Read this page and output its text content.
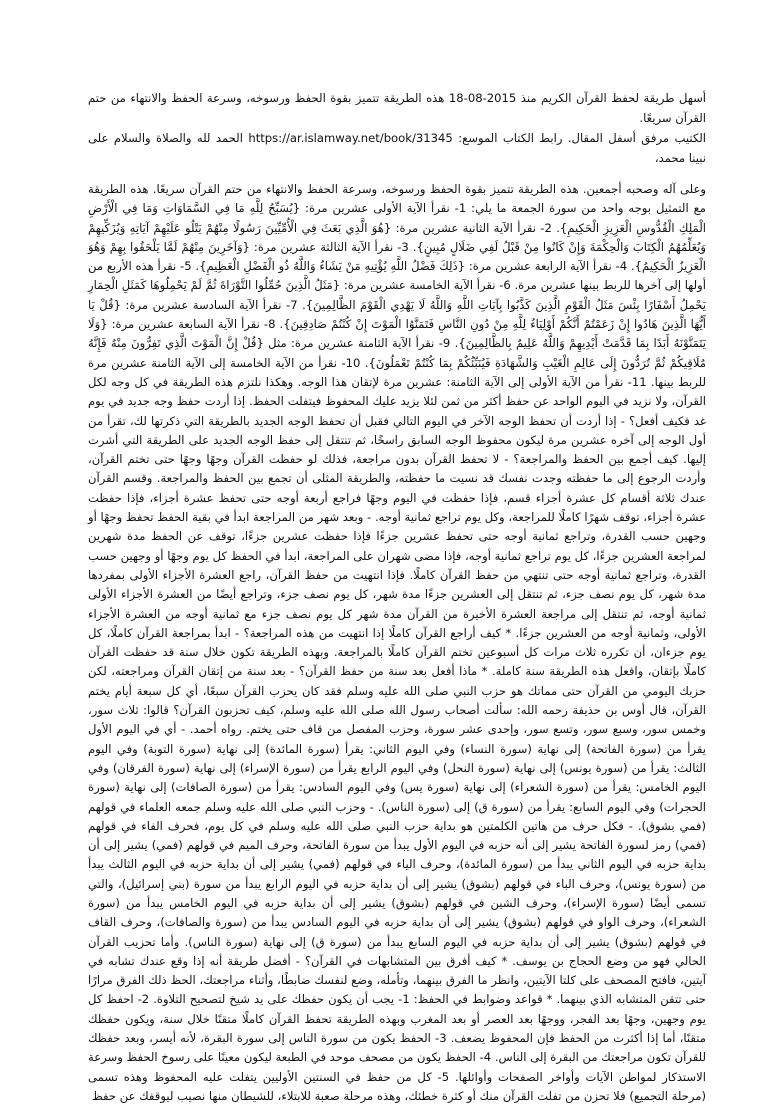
أسهل طريقة لحفظ القرآن الكريم منذ 2015-08-18 هذه الطريقة تتميز بقوة الحفظ ورسوخه، وسرعة الحفظ والانتهاء من حتم القرآن سريعًا.
الكتيب مرفق أسفل المقال. رابط الكتاب الموسع: https://ar.islamway.net/book/31345 الحمد لله والصلاة والسلام على نبينا محمد،

وعلى آله وصحبه أجمعين. هذه الطريقة تتميز بقوة الحفظ ورسوخه، وسرعة الحفظ والانتهاء من حتم القرآن سريعًا. هذه الطريقة مع التمثيل بوجه واحد من سورة الجمعة ما يلي: 1- نقرأ الآية الأولى عشرين مرة: {يُسَبِّحُ لِلَّهِ مَا فِي السَّمَاوَاتِ وَمَا فِي الْأَرْضِ الْمَلِكِ الْقُدُّوسِ الْعَزِيزِ الْحَكِيمِ}. 2- نقرأ الآية الثانية عشرين مرة: {هُوَ الَّذِي بَعَثَ فِي الْأُمِّيِّينَ رَسُولًا مِنْهُمْ يَتْلُو عَلَيْهِمْ آيَاتِهِ وَيُزَكِّيهِمْ وَيُعَلِّمُهُمُ الْكِتَابَ وَالْحِكْمَةَ وَإِنْ كَانُوا مِنْ قَبْلُ لَفِي ضَلَالٍ مُبِينٍ}. 3- نقرأ الآية الثالثة عشرين مرة: {وَآخَرِينَ مِنْهُمْ لَمَّا يَلْحَقُوا بِهِمْ وَهُوَ الْعَزِيزُ الْحَكِيمُ}. 4- نقرأ الآية الرابعة عشرين مرة: {ذَلِكَ فَضْلُ اللَّهِ يُؤْتِيهِ مَنْ يَشَاءُ وَاللَّهُ ذُو الْفَضْلِ الْعَظِيمِ}. 5- نقرأ هذه الأربع من أولها إلى آخرها للربط بينها عشرين مرة. 6- نقرأ الآية الخامسة عشرين مرة: {مَثَلُ الَّذِينَ حُمِّلُوا التَّوْرَاةَ ثُمَّ لَمْ يَحْمِلُوهَا كَمَثَلِ الْحِمَارِ يَحْمِلُ أَسْفَارًا بِئْسَ مَثَلُ الْقَوْمِ الَّذِينَ كَذَّبُوا بِآيَاتِ اللَّهِ وَاللَّهُ لَا يَهْدِي الْقَوْمَ الظَّالِمِينَ}. 7- نقرأ الآية السادسة عشرين مرة: {قُلْ يَا أَيُّهَا الَّذِينَ هَادُوا إِنْ زَعَمْتُمْ أَنَّكُمْ أَوْلِيَاءُ لِلَّهِ مِنْ دُونِ النَّاسِ فَتَمَنَّوُا الْمَوْتَ إِنْ كُنْتُمْ صَادِقِينَ}. 8- نقرأ الآية السابعة عشرين مرة: {وَلَا يَتَمَنَّوْنَهُ أَبَدًا بِمَا قَدَّمَتْ أَيْدِيهِمْ وَاللَّهُ عَلِيمٌ بِالظَّالِمِينَ}. 9- نقرأ الآية الثامنة عشرين مرة: مثل {قُلْ إِنَّ الْمَوْتَ الَّذِي تَفِرُّونَ مِنْهُ فَإِنَّهُ مُلَاقِيكُمْ ثُمَّ تُرَدُّونَ إِلَى عَالِمِ الْغَيْبِ وَالشَّهَادَةِ فَيُنَبِّئُكُمْ بِمَا كُنْتُمْ تَعْمَلُونَ}. 10- نقرأ من الآية الخامسة إلى الآية الثامنة عشرين مرة للربط بينها. 11- نقرأ من الآية الأولى إلى الآية الثامنة: عشرين مرة لإتقان هذا الوجه. وهكذا نلتزم هذه الطريقة في كل وجه لكل القرآن، ولا نزيد في اليوم الواحد عن حفظ أكثر من ثمن لئلا يزيد عليك المحفوظ فيتفلت الحفظ. إذا أردت حفظ وجه جديد في يوم غد فكيف أفعل؟ - إذا أردت أن تحفظ الوجه الآخر في اليوم التالي فقبل أن تحفظ الوجه الجديد بالطريقة التي ذكرتها لك، تقرأ من أول الوجه إلى آخره عشرين مرة ليكون محفوظ الوجه السابق راسخًا، ثم تنتقل إلى حفظ الوجه الجديد على الطريقة التي أشرت إليها. كيف أجمع بين الحفظ والمراجعة؟ - لا تحفظ القرآن بدون مراجعة، فذلك لو حفظت القرآن وجهًا وجهًا حتى تختم القرآن، وأردت الرجوع إلى ما حفظته وجدت نفسك قد نسيت ما حفظته، والطريقة المثلى أن تجمع بين الحفظ والمراجعة. وقسم القرآن عندك ثلاثة أقسام كل عشرة أجزاء قسم، فإذا حفظت في اليوم وجهًا فراجع أربعة أوجه حتى تحفظ عشرة أجزاء، فإذا حفظت عشرة أجزاء، توقف شهرًا كاملًا للمراجعة، وكل يوم تراجع ثمانية أوجه. - وبعد شهر من المراجعة ابدأ في بقية الحفظ تحفظ وجهًا أو وجهين حسب القدرة، وتراجع ثمانية أوجه حتى تحفظ عشرين جزءًا فإذا حفظت عشرين جزءًا، توقف عن الحفظ مدة شهرين لمراجعة العشرين جزءًا، كل يوم تراجع ثمانية أوجه، فإذا مضى شهران على المراجعة، ابدأ في الحفظ كل يوم وجهًا أو وجهين حسب القدرة، وتراجع ثمانية أوجه حتى تنتهي من حفظ القرآن كاملًا. فإذا انتهيت من حفظ القرآن، راجع العشرة الأجزاء الأولى بمفردها مدة شهر، كل يوم نصف جزء، ثم تنتقل إلى العشرين جزءًا مدة شهر، كل يوم نصف جزء، وتراجع أيضًا من العشرة الأجزاء الأولى ثمانية أوجه، ثم تنتقل إلى مراجعة العشرة الأخيرة من القرآن مدة شهر كل يوم نصف جزء مع ثمانية أوجه من العشرة الأجزاء الأولى، وثمانية أوجه من العشرين جزءًا. * كيف أراجع القرآن كاملًا إذا انتهيت من هذه المراجعة؟ - ابدأ بمراجعة القرآن كاملًا، كل يوم جزءان، أن تكرره ثلاث مرات كل أسبوعين تختم القرآن كاملًا بالمراجعة. وبهذه الطريقة تكون خلال سنة قد حفظت القرآن كاملًا بإتقان، وافعل هذه الطريقة سنة كاملة. * ماذا أفعل بعد سنة من حفظ القرآن؟ - بعد سنة من إتقان القرآن ومراجعته، لكن حزبك اليومي من القرآن حتى مماتك هو حزب النبي صلى الله عليه وسلم فقد كان يحزب القرآن سبعًا، أي كل سبعة أيام يختم القرآن، قال أوس بن حذيفة رحمه الله: سألت أصحاب رسول الله صلى الله عليه وسلم، كيف تحزبون القرآن؟ قالوا: ثلاث سور، وخمس سور، وسبع سور، وتسع سور، وإحدى عشر سورة، وحزب المفصل من قاف حتى يختم. رواه أحمد. - أي في اليوم الأول يقرأ من (سورة الفاتحة) إلى نهاية (سورة النساء) وفي اليوم الثاني: يقرأ (سورة المائدة) إلى نهاية (سورة التوبة) وفي اليوم الثالث: يقرأ من (سورة يونس) إلى نهاية (سورة النحل) وفي اليوم الرابع يقرأ من (سورة الإسراء) إلى نهاية (سورة الفرقان) وفي اليوم الخامس: يقرأ من (سورة الشعراء) إلى نهاية (سورة يس) وفي اليوم السادس: يقرأ من (سورة الصافات) إلى نهاية (سورة الحجرات) وفي اليوم السابع: يقرأ من (سورة ق) إلى (سورة الناس). - وحزب النبي صلى الله عليه وسلم جمعه العلماء في قولهم (فمي بشوق). - فكل حرف من هاتين الكلمتين هو بداية حزب النبي صلى الله عليه وسلم في كل يوم، فحرف الفاء في قولهم (فمي) رمز لسورة الفاتحة يشير إلى أنه حزبه في اليوم الأول يبدأ من سورة الفاتحة، وحرف الميم في قولهم (فمي) يشير إلى أن بداية حزبه في اليوم الثاني يبدأ من (سورة المائدة)، وحرف الياء في قولهم (فمي) يشير إلى أن بداية حزبه في اليوم الثالث يبدأ من (سورة يونس)، وحرف الباء في قولهم (بشوق) يشير إلى أن بداية حزبه في اليوم الرابع يبدأ من سورة (بني إسرائيل)، والتي تسمى أيضًا (سورة الإسراء)، وحرف الشين في قولهم (بشوق) يشير إلى أن بداية حزبه في اليوم الخامس يبدأ من (سورة الشعراء)، وحرف الواو في قولهم (بشوق) يشير إلى أن بداية حزبه في اليوم السادس يبدأ من (سورة والصافات)، وحرف القاف في قولهم (بشوق) يشير إلى أن بداية حزبه في اليوم السابع يبدأ من (سورة ق) إلى نهاية (سورة الناس). وأما تحزيب القرآن الحالي فهو من وضع الحجاج بن يوسف. * كيف أفرق بين المتشابهات في القرآن؟ - أفضل طريقة أنه إذا وقع عندك تشابه في آيتين، فافتح المصحف على كلتا الآيتين، وانظر ما الفرق بينهما، وتأمله، وضع لنفسك ضابطًا، وأثناء مراجعتك، الحظ ذلك الفرق مرارًا حتى تتقن المتشابه الذي بينهما. * قواعد وضوابط في الحفظ: 1- يجب أن يكون حفظك على يد شيخ لتصحيح التلاوة. 2- احفظ كل يوم وجهين، وجهًا بعد الفجر، ووجهًا بعد العصر أو بعد المغرب وبهذه الطريقة تحفظ القرآن كاملًا متقنًا خلال سنة، ويكون حفظك متقنًا، أما إذا أكثرت من الحفظ فإن المحفوظ يضعف. 3- الحفظ يكون من سورة الناس إلى سورة البقرة، لأنه أيسر، وبعد حفظك للقرآن تكون مراجعتك من البقرة إلى الناس. 4- الحفظ يكون من مصحف موحد في الطبعة ليكون معينًا على رسوخ الحفظ وسرعة الاستذكار لمواطن الآيات وأواخر الصفحات وأوائلها. 5- كل من حفظ في السنتين الأوليين يتفلت عليه المحفوظ وهذه تسمى (مرحلة التجميع) فلا تحزن من تفلت القرآن منك أو كثرة خطئك، وهذه مرحلة صعبة للابتلاء، للشيطان منها نصيب ليوقفك عن حفظ
